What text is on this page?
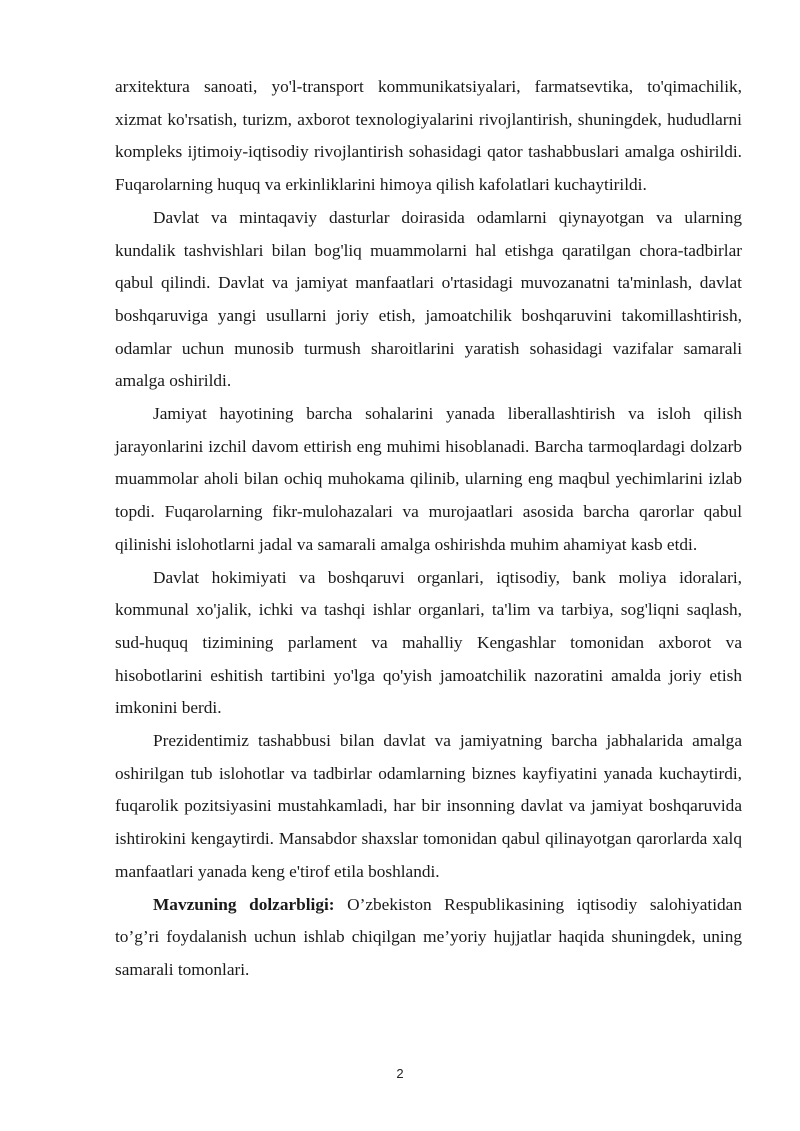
arxitektura sanoati, yo'l-transport kommunikatsiyalari, farmatsevtika, to'qimachilik, xizmat ko'rsatish, turizm, axborot texnologiyalarini rivojlantirish, shuningdek, hududlarni kompleks ijtimoiy-iqtisodiy rivojlantirish sohasidagi qator tashabbuslari amalga oshirildi. Fuqarolarning huquq va erkinliklarini himoya qilish kafolatlari kuchaytirildi.

Davlat va mintaqaviy dasturlar doirasida odamlarni qiynayotgan va ularning kundalik tashvishlari bilan bog'liq muammolarni hal etishga qaratilgan chora-tadbirlar qabul qilindi. Davlat va jamiyat manfaatlari o'rtasidagi muvozanatni ta'minlash, davlat boshqaruviga yangi usullarni joriy etish, jamoatchilik boshqaruvini takomillashtirish, odamlar uchun munosib turmush sharoitlarini yaratish sohasidagi vazifalar samarali amalga oshirildi.

Jamiyat hayotining barcha sohalarini yanada liberallashtirish va isloh qilish jarayonlarini izchil davom ettirish eng muhimi hisoblanadi. Barcha tarmoqlardagi dolzarb muammolar aholi bilan ochiq muhokama qilinib, ularning eng maqbul yechimlarini izlab topdi. Fuqarolarning fikr-mulohazalari va murojaatlari asosida barcha qarorlar qabul qilinishi islohotlarni jadal va samarali amalga oshirishda muhim ahamiyat kasb etdi.

Davlat hokimiyati va boshqaruvi organlari, iqtisodiy, bank moliya idoralari, kommunal xo'jalik, ichki va tashqi ishlar organlari, ta'lim va tarbiya, sog'liqni saqlash, sud-huquq tizimining parlament va mahalliy Kengashlar tomonidan axborot va hisobotlarini eshitish tartibini yo'lga qo'yish jamoatchilik nazoratini amalda joriy etish imkonini berdi.

Prezidentimiz tashabbusi bilan davlat va jamiyatning barcha jabhalarida amalga oshirilgan tub islohotlar va tadbirlar odamlarning biznes kayfiyatini yanada kuchaytirdi, fuqarolik pozitsiyasini mustahkamladi, har bir insonning davlat va jamiyat boshqaruvida ishtirokini kengaytirdi. Mansabdor shaxslar tomonidan qabul qilinayotgan qarorlarda xalq manfaatlari yanada keng e'tirof etila boshlandi.

Mavzuning dolzarbligi: O’zbekiston Respublikasining iqtisodiy salohiyatidan to’g’ri foydalanish uchun ishlab chiqilgan me’yoriy hujjatlar haqida shuningdek, uning samarali tomonlari.

2
